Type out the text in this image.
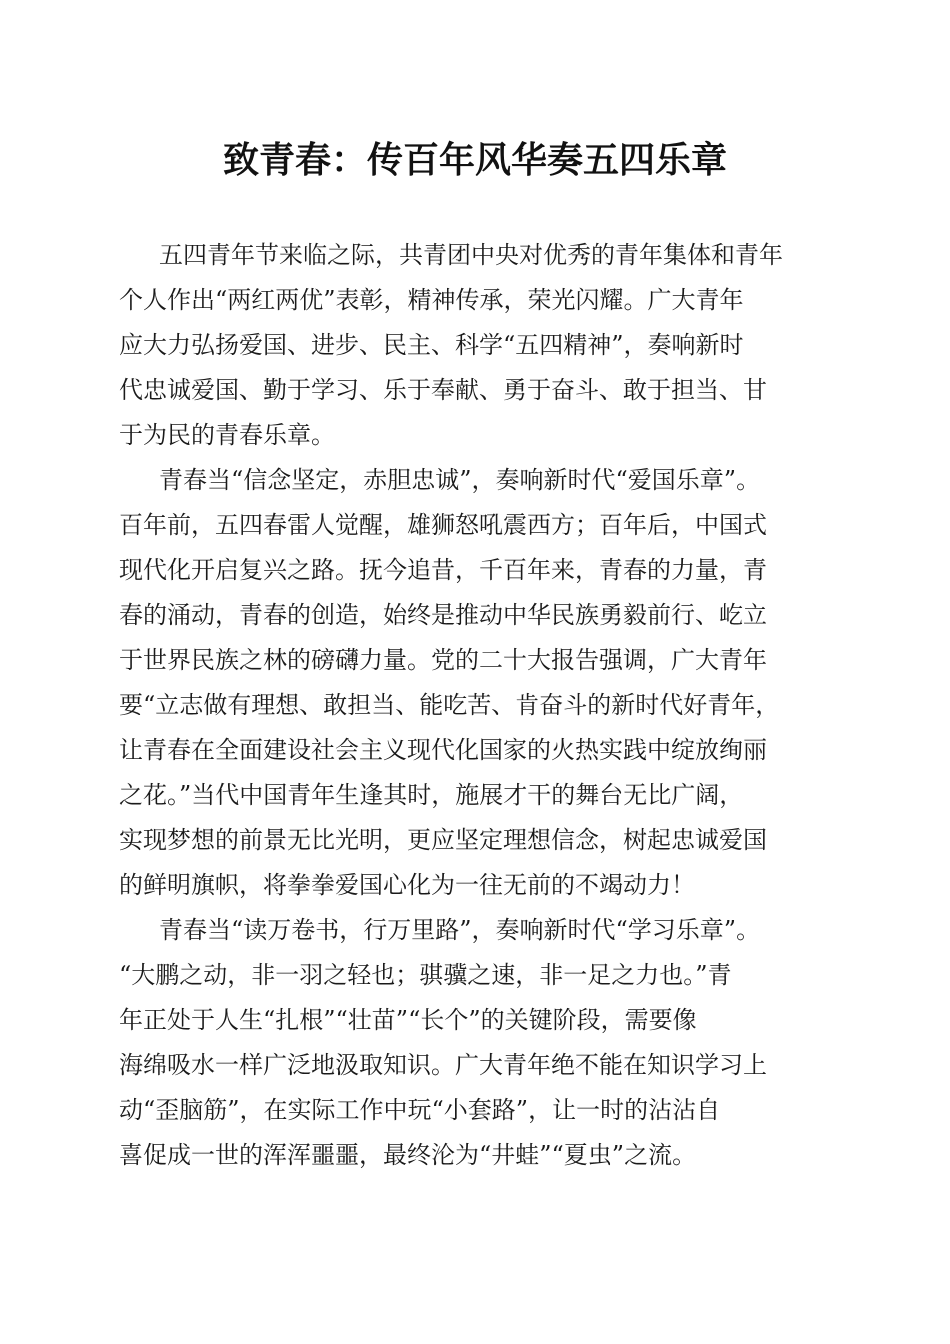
致青春：传百年风华奏五四乐章
五四青年节来临之际，共青团中央对优秀的青年集体和青年
个人作出“两红两优”表彰，精神传承，荣光闪耀。广大青年
应大力弘扬爱国、进步、民主、科学“五四精神”，奏响新时
代忠诚爱国、勤于学习、乐于奉献、勇于奋斗、敢于担当、甘
于为民的青春乐章。
青春当“信念坚定，赤胆忠诚”，奏响新时代“爱国乐章”。
百年前，五四春雷人觉醒，雄狮怒吼震西方；百年后，中国式
现代化开启复兴之路。抚今追昔，千百年来，青春的力量，青
春的涌动，青春的创造，始终是推动中华民族勇毅前行、屹立
于世界民族之林的磅礴力量。党的二十大报告强调，广大青年
要“立志做有理想、敢担当、能吃苦、肯奋斗的新时代好青年，
让青春在全面建设社会主义现代化国家的火热实践中绽放绚丽
之花。”当代中国青年生逢其时，施展才干的舞台无比广阔，
实现梦想的前景无比光明，更应坚定理想信念，树起忠诚爱国
的鲜明旗帜，将拳拳爱国心化为一往无前的不竭动力！
青春当“读万卷书，行万里路”，奏响新时代“学习乐章”。
“大鹏之动，非一羽之轻也；骐骥之速，非一足之力也。”青
年正处于人生“扎根”“壮苗”“长个”的关键阶段，需要像
海绵吸水一样广泛地汲取知识。广大青年绝不能在知识学习上
动“歪脑筋”，在实际工作中玩“小套路”，让一时的沾沾自
喜促成一世的浑浑噩噩，最终沦为“井蛙”“夏虫”之流。
